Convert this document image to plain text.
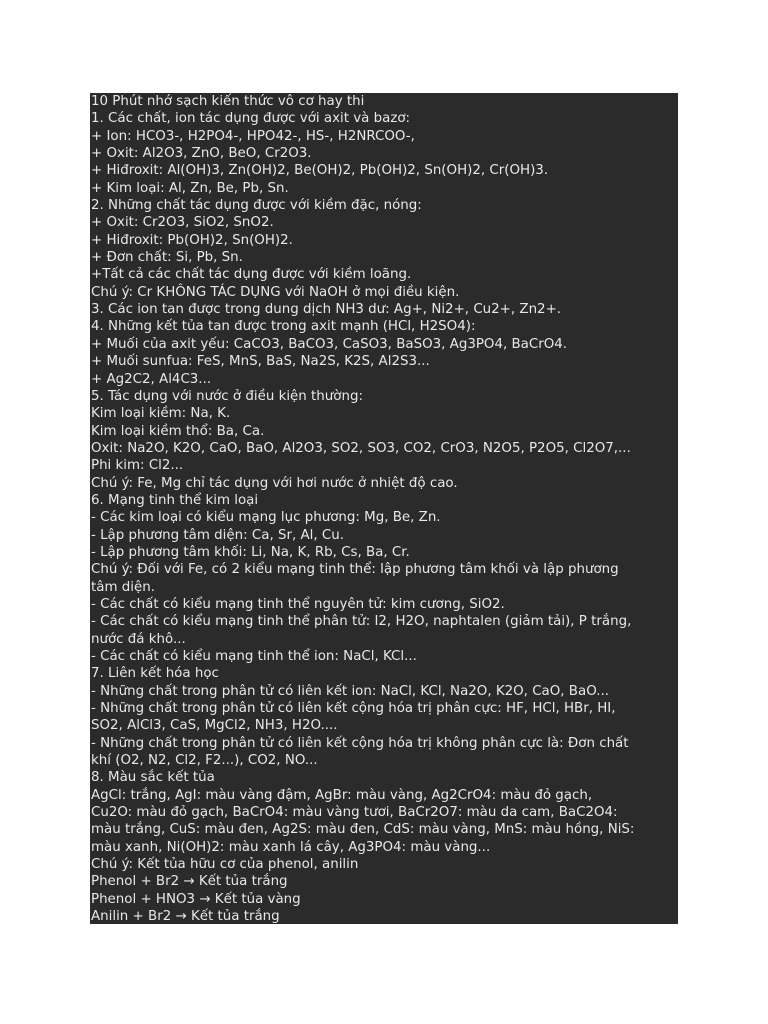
10 Phút nhớ sạch kiến thức vô cơ hay thi
1. Các chất, ion tác dụng được với axit và bazơ:
+ Ion: HCO3-, H2PO4-, HPO42-, HS-, H2NRCOO-,
+ Oxit: Al2O3, ZnO, BeO, Cr2O3.
+ Hiđroxit: Al(OH)3, Zn(OH)2, Be(OH)2, Pb(OH)2, Sn(OH)2, Cr(OH)3.
+ Kim loại: Al, Zn, Be, Pb, Sn.
2. Những chất tác dụng được với kiềm đặc, nóng:
+ Oxit: Cr2O3, SiO2, SnO2.
+ Hiđroxit: Pb(OH)2, Sn(OH)2.
+ Đơn chất: Si, Pb, Sn.
+Tất cả các chất tác dụng được với kiềm loãng.
Chú ý: Cr KHÔNG TÁC DỤNG với NaOH ở mọi điều kiện.
3. Các ion tan được trong dung dịch NH3 dư: Ag+, Ni2+, Cu2+, Zn2+.
4. Những kết tủa tan được trong axit mạnh (HCl, H2SO4):
+ Muối của axit yếu: CaCO3, BaCO3, CaSO3, BaSO3, Ag3PO4, BaCrO4.
+ Muối sunfua: FeS, MnS, BaS, Na2S, K2S, Al2S3...
+ Ag2C2, Al4C3...
5. Tác dụng với nước ở điều kiện thường:
Kim loại kiềm: Na, K.
Kim loại kiềm thổ: Ba, Ca.
Oxit: Na2O, K2O, CaO, BaO, Al2O3, SO2, SO3, CO2, CrO3, N2O5, P2O5, Cl2O7,...
Phi kim: Cl2...
Chú ý: Fe, Mg chỉ tác dụng với hơi nước ở nhiệt độ cao.
6. Mạng tinh thể kim loại
- Các kim loại có kiểu mạng lục phương: Mg, Be, Zn.
- Lập phương tâm diện: Ca, Sr, Al, Cu.
- Lập phương tâm khối: Li, Na, K, Rb, Cs, Ba, Cr.
Chú ý: Đối với Fe, có 2 kiểu mạng tinh thể: lập phương tâm khối và lập phương
tâm diện.
- Các chất có kiểu mạng tinh thể nguyên tử: kim cương, SiO2.
- Các chất có kiểu mạng tinh thể phân tử: I2, H2O, naphtalen (giảm tải), P trắng,
nước đá khô...
- Các chất có kiểu mạng tinh thể ion: NaCl, KCl...
7. Liên kết hóa học
- Những chất trong phân tử có liên kết ion: NaCl, KCl, Na2O, K2O, CaO, BaO...
- Những chất trong phân tử có liên kết cộng hóa trị phân cực: HF, HCl, HBr, HI,
SO2, AlCl3, CaS, MgCl2, NH3, H2O....
- Những chất trong phân tử có liên kết cộng hóa trị không phân cực là: Đơn chất
khí (O2, N2, Cl2, F2...), CO2, NO...
8. Màu sắc kết tủa
AgCl: trắng, AgI: màu vàng đậm, AgBr: màu vàng, Ag2CrO4: màu đỏ gạch,
Cu2O: màu đỏ gạch, BaCrO4: màu vàng tươi, BaCr2O7: màu da cam, BaC2O4:
màu trắng, CuS: màu đen, Ag2S: màu đen, CdS: màu vàng, MnS: màu hồng, NiS:
màu xanh, Ni(OH)2: màu xanh lá cây, Ag3PO4: màu vàng...
Chú ý: Kết tủa hữu cơ của phenol, anilin
Phenol + Br2 → Kết tủa trắng
Phenol + HNO3 → Kết tủa vàng
Anilin + Br2 → Kết tủa trắng
